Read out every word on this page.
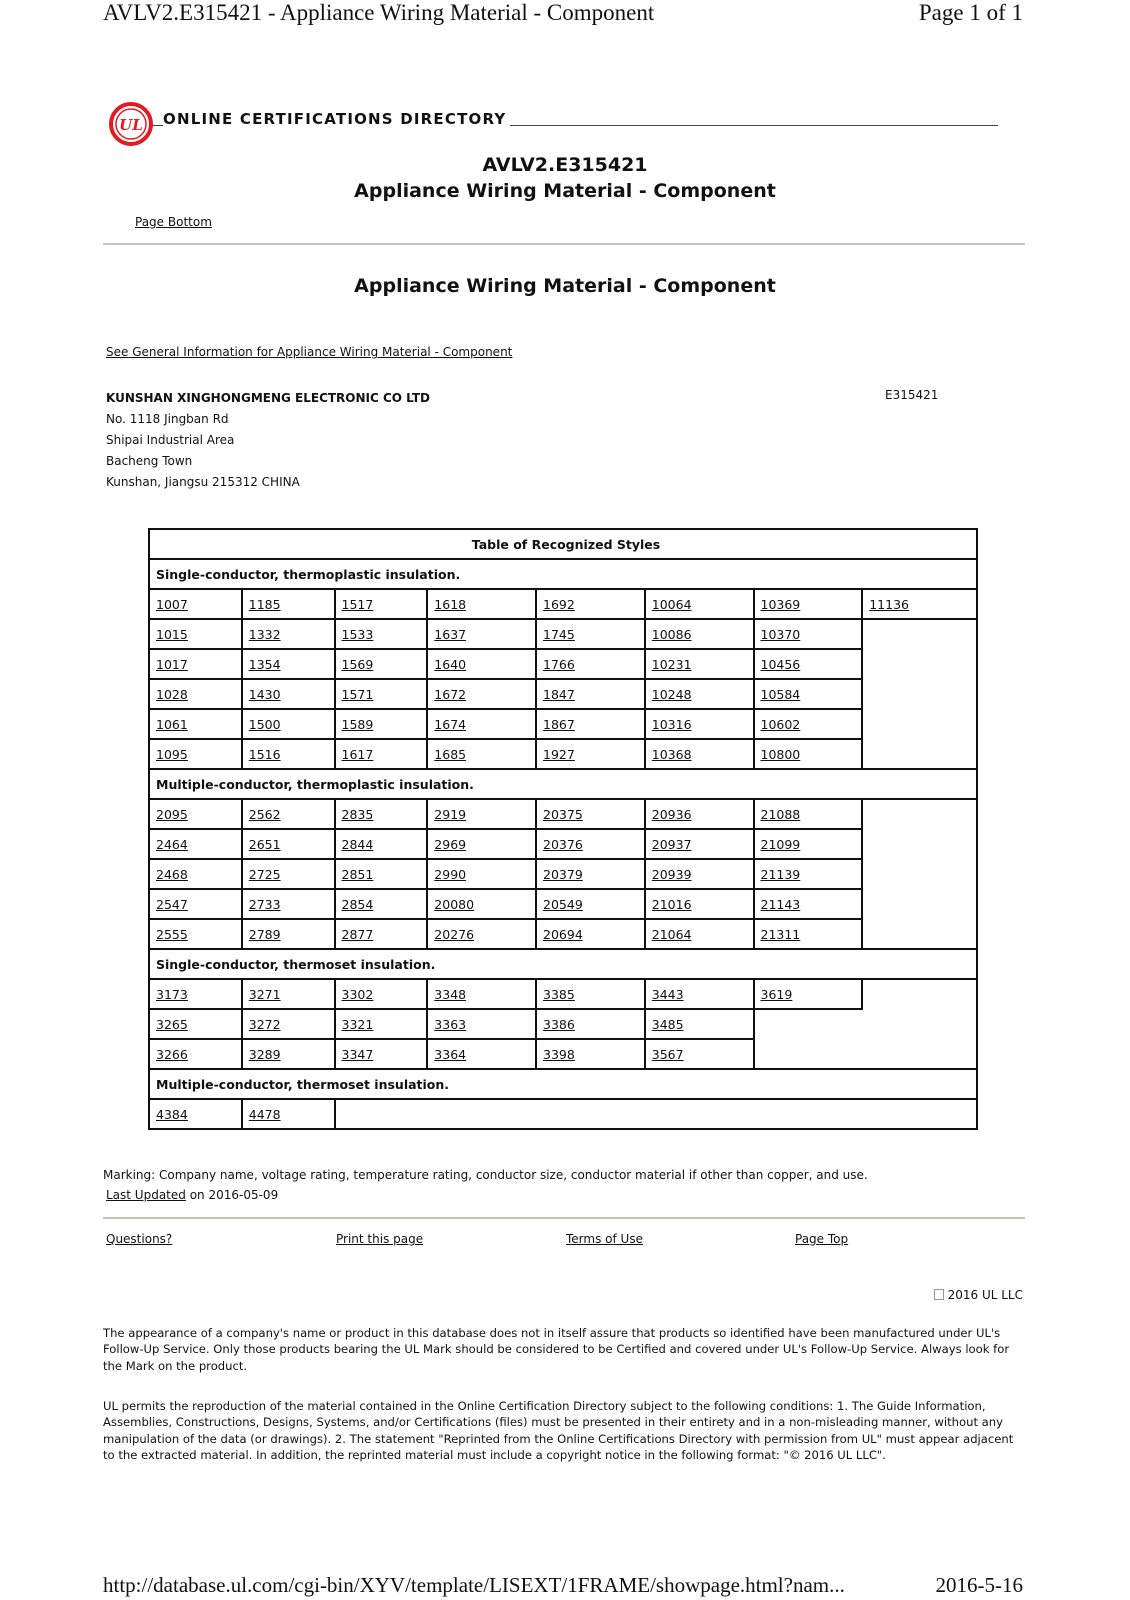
AVLV2.E315421 - Appliance Wiring Material - Component	Page 1 of 1
UL ONLINE CERTIFICATIONS DIRECTORY
AVLV2.E315421
Appliance Wiring Material - Component
Page Bottom
Appliance Wiring Material - Component
See General Information for Appliance Wiring Material - Component
KUNSHAN XINGHONGMENG ELECTRONIC CO LTD
No. 1118 Jingban Rd
Shipai Industrial Area
Bacheng Town
Kunshan, Jiangsu 215312 CHINA
E315421
Table of Recognized Styles							
Single-conductor, thermoplastic insulation.							
1007	1185	1517	1618	1692	10064	10369	11136
1015	1332	1533	1637	1745	10086	10370	
1017	1354	1569	1640	1766	10231	10456	
1028	1430	1571	1672	1847	10248	10584	
1061	1500	1589	1674	1867	10316	10602	
1095	1516	1617	1685	1927	10368	10800	
Multiple-conductor, thermoplastic insulation.							
2095	2562	2835	2919	20375	20936	21088	
2464	2651	2844	2969	20376	20937	21099	
2468	2725	2851	2990	20379	20939	21139	
2547	2733	2854	20080	20549	21016	21143	
2555	2789	2877	20276	20694	21064	21311	
Single-conductor, thermoset insulation.							
3173	3271	3302	3348	3385	3443	3619	
3265	3272	3321	3363	3386	3485		
3266	3289	3347	3364	3398	3567		
Multiple-conductor, thermoset insulation.							
4384	4478						
Marking: Company name, voltage rating, temperature rating, conductor size, conductor material if other than copper, and use.
Last Updated on 2016-05-09
Questions?	Print this page	Terms of Use	Page Top
2016 UL LLC
The appearance of a company's name or product in this database does not in itself assure that products so identified have been manufactured under UL's Follow-Up Service. Only those products bearing the UL Mark should be considered to be Certified and covered under UL's Follow-Up Service. Always look for the Mark on the product.
UL permits the reproduction of the material contained in the Online Certification Directory subject to the following conditions: 1. The Guide Information, Assemblies, Constructions, Designs, Systems, and/or Certifications (files) must be presented in their entirety and in a non-misleading manner, without any manipulation of the data (or drawings). 2. The statement "Reprinted from the Online Certifications Directory with permission from UL" must appear adjacent to the extracted material. In addition, the reprinted material must include a copyright notice in the following format: "© 2016 UL LLC".
http://database.ul.com/cgi-bin/XYV/template/LISEXT/1FRAME/showpage.html?nam...	2016-5-16
